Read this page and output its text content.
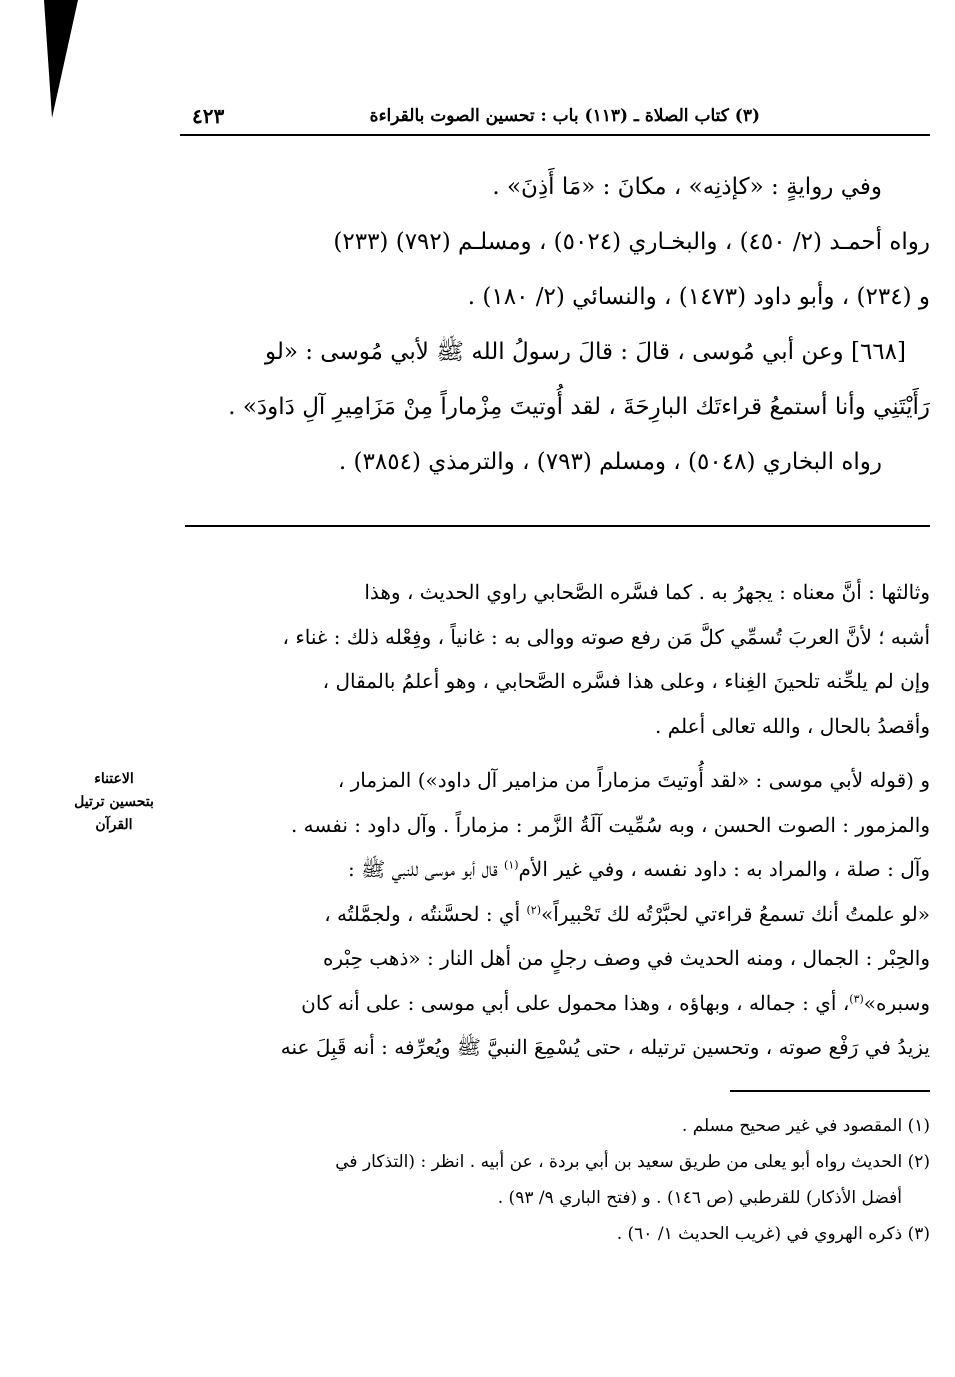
(٣) كتاب الصلاة ـ (١١٣) باب : تحسين الصوت بالقراءة
٤٢٣

وفي روايةٍ : «كإذنِه» ، مكانَ : «مَا أَذِنَ» .

رواه أحمـد (٢/ ٤٥٠) ، والبخـاري (٥٠٢٤) ، ومسلـم (٧٩٢) (٢٣٣)

و (٢٣٤) ، وأبو داود (١٤٧٣) ، والنسائي (٢/ ١٨٠) .

[٦٦٨] وعن أبي مُوسى ، قالَ : قالَ رسولُ الله ﷺ لأبي مُوسى : «لو

رَأَيْتَنِي وأنا أستمعُ قراءتَك البارِحَةَ ، لقد أُوتيتَ مِزْماراً مِنْ مَزَامِيرِ آلِ دَاودَ» .

رواه البخاري (٥٠٤٨) ، ومسلم (٧٩٣) ، والترمذي (٣٨٥٤) .

وثالثها : أنَّ معناه : يجهرُ به . كما فسَّره الصَّحابي راوي الحديث ، وهذا

أشبه ؛ لأنَّ العربَ تُسمِّي كلَّ مَن رفع صوته ووالى به : غانياً ، وفِعْله ذلك : غناء ،

وإن لم يلحِّنه تلحينَ الغِناء ، وعلى هذا فسَّره الصَّحابي ، وهو أعلمُ بالمقال ،

وأقصدُ بالحال ، والله تعالى أعلم .

و (قوله لأبي موسى : «لقد أُوتيتَ مزماراً من مزامير آل داود») المزمار ،

والمزمور : الصوت الحسن ، وبه سُمِّيت آلَةُ الزَّمر : مزماراً . وآل داود : نفسه .

وآل : صلة ، والمراد به : داود نفسه ، وفي غير الأم$^{(١)}$ قال أبو موسى للنبي ﷺ :

«لو علمتُ أنك تسمعُ قراءتي لحبَّرْتُه لك تَحْبيراً»$^{(٢)}$ أي : لحسَّنتُه ، ولجمَّلتُه ،

والحِبْر : الجمال ، ومنه الحديث في وصف رجلٍ من أهل النار : «ذهب حِبْره

وسبره»$^{(٣)}$، أي : جماله ، وبهاؤه ، وهذا محمول على أبي موسى : على أنه كان

يزيدُ في رَفْع صوته ، وتحسين ترتيله ، حتى يُسْمِعَ النبيَّ ﷺ ويُعرِّفه : أنه قَبِلَ عنه

الاعتناء
بتحسين ترتيل
القرآن

(١) المقصود في غير صحيح مسلم .

(٢) الحديث رواه أبو يعلى من طريق سعيد بن أبي بردة ، عن أبيه . انظر : (التذكار في

أفضل الأذكار) للقرطبي (ص ١٤٦) . و (فتح الباري ٩/ ٩٣) .

(٣) ذكره الهروي في (غريب الحديث ١/ ٦٠) .
